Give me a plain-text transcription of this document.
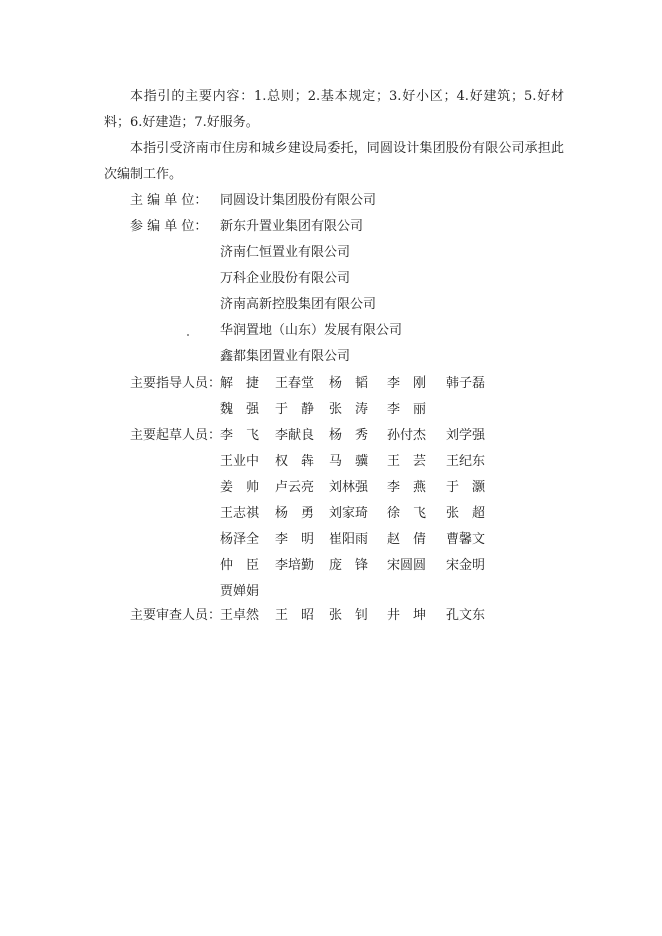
本指引的主要内容：1.总则；2.基本规定；3.好小区；4.好建筑；5.好材料；6.好建造；7.好服务。

本指引受济南市住房和城乡建设局委托，同圆设计集团股份有限公司承担此次编制工作。

主 编 单 位： 同圆设计集团股份有限公司
参 编 单 位： 新东升置业集团有限公司
济南仁恒置业有限公司
万科企业股份有限公司
济南高新控股集团有限公司
华润置地（山东）发展有限公司
鑫都集团置业有限公司
主要指导人员：
解　捷 王春堂 杨　韬 李　刚 韩子磊
魏　强 于　静 张　涛 李　丽
主要起草人员：
李　飞 李献良 杨　秀 孙付杰 刘学强
王业中 权　犇 马　骥 王　芸 王纪东
姜　帅 卢云亮 刘林强 李　燕 于　灏
王志祺 杨　勇 刘家琦 徐　飞 张　超
杨泽全 李　明 崔阳雨 赵　倩 曹馨文
仲　臣 李培勤 庞　锋 宋圆圆 宋金明
贾婵娟
主要审查人员：
王卓然 王　昭 张　钊 井　坤 孔文东
